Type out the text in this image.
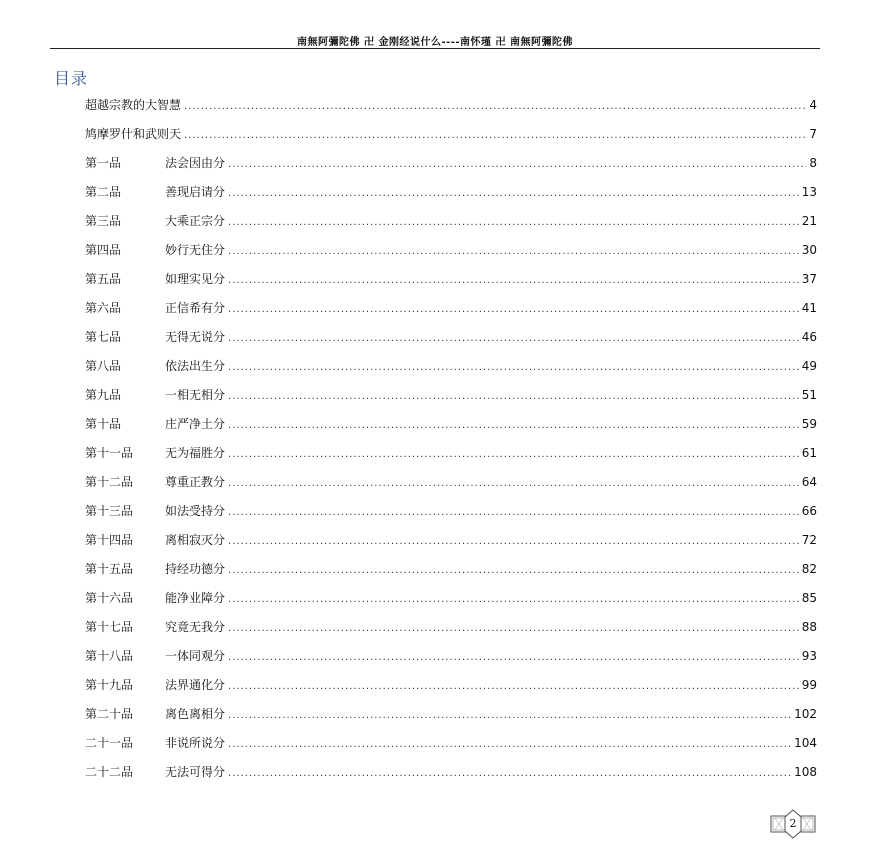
南無阿彌陀佛 卍 金刚经说什么----南怀瑾 卍 南無阿彌陀佛
目录
超越宗教的大智慧 .....	4
鸠摩罗什和武则天 .....	7
第一品	法会因由分 .....	8
第二品	善现启请分 .....	13
第三品	大乘正宗分 .....	21
第四品	妙行无住分 .....	30
第五品	如理实见分 .....	37
第六品	正信希有分 .....	41
第七品	无得无说分 .....	46
第八品	依法出生分 .....	49
第九品	一相无相分 .....	51
第十品	庄严净土分 .....	59
第十一品	无为福胜分 .....	61
第十二品	尊重正教分 .....	64
第十三品	如法受持分 .....	66
第十四品	离相寂灭分 .....	72
第十五品	持经功德分 .....	82
第十六品	能净业障分 .....	85
第十七品	究竟无我分 .....	88
第十八品	一体同观分 .....	93
第十九品	法界通化分 .....	99
第二十品	离色离相分 .....	102
二十一品	非说所说分 .....	104
二十二品	无法可得分 .....	108
2
